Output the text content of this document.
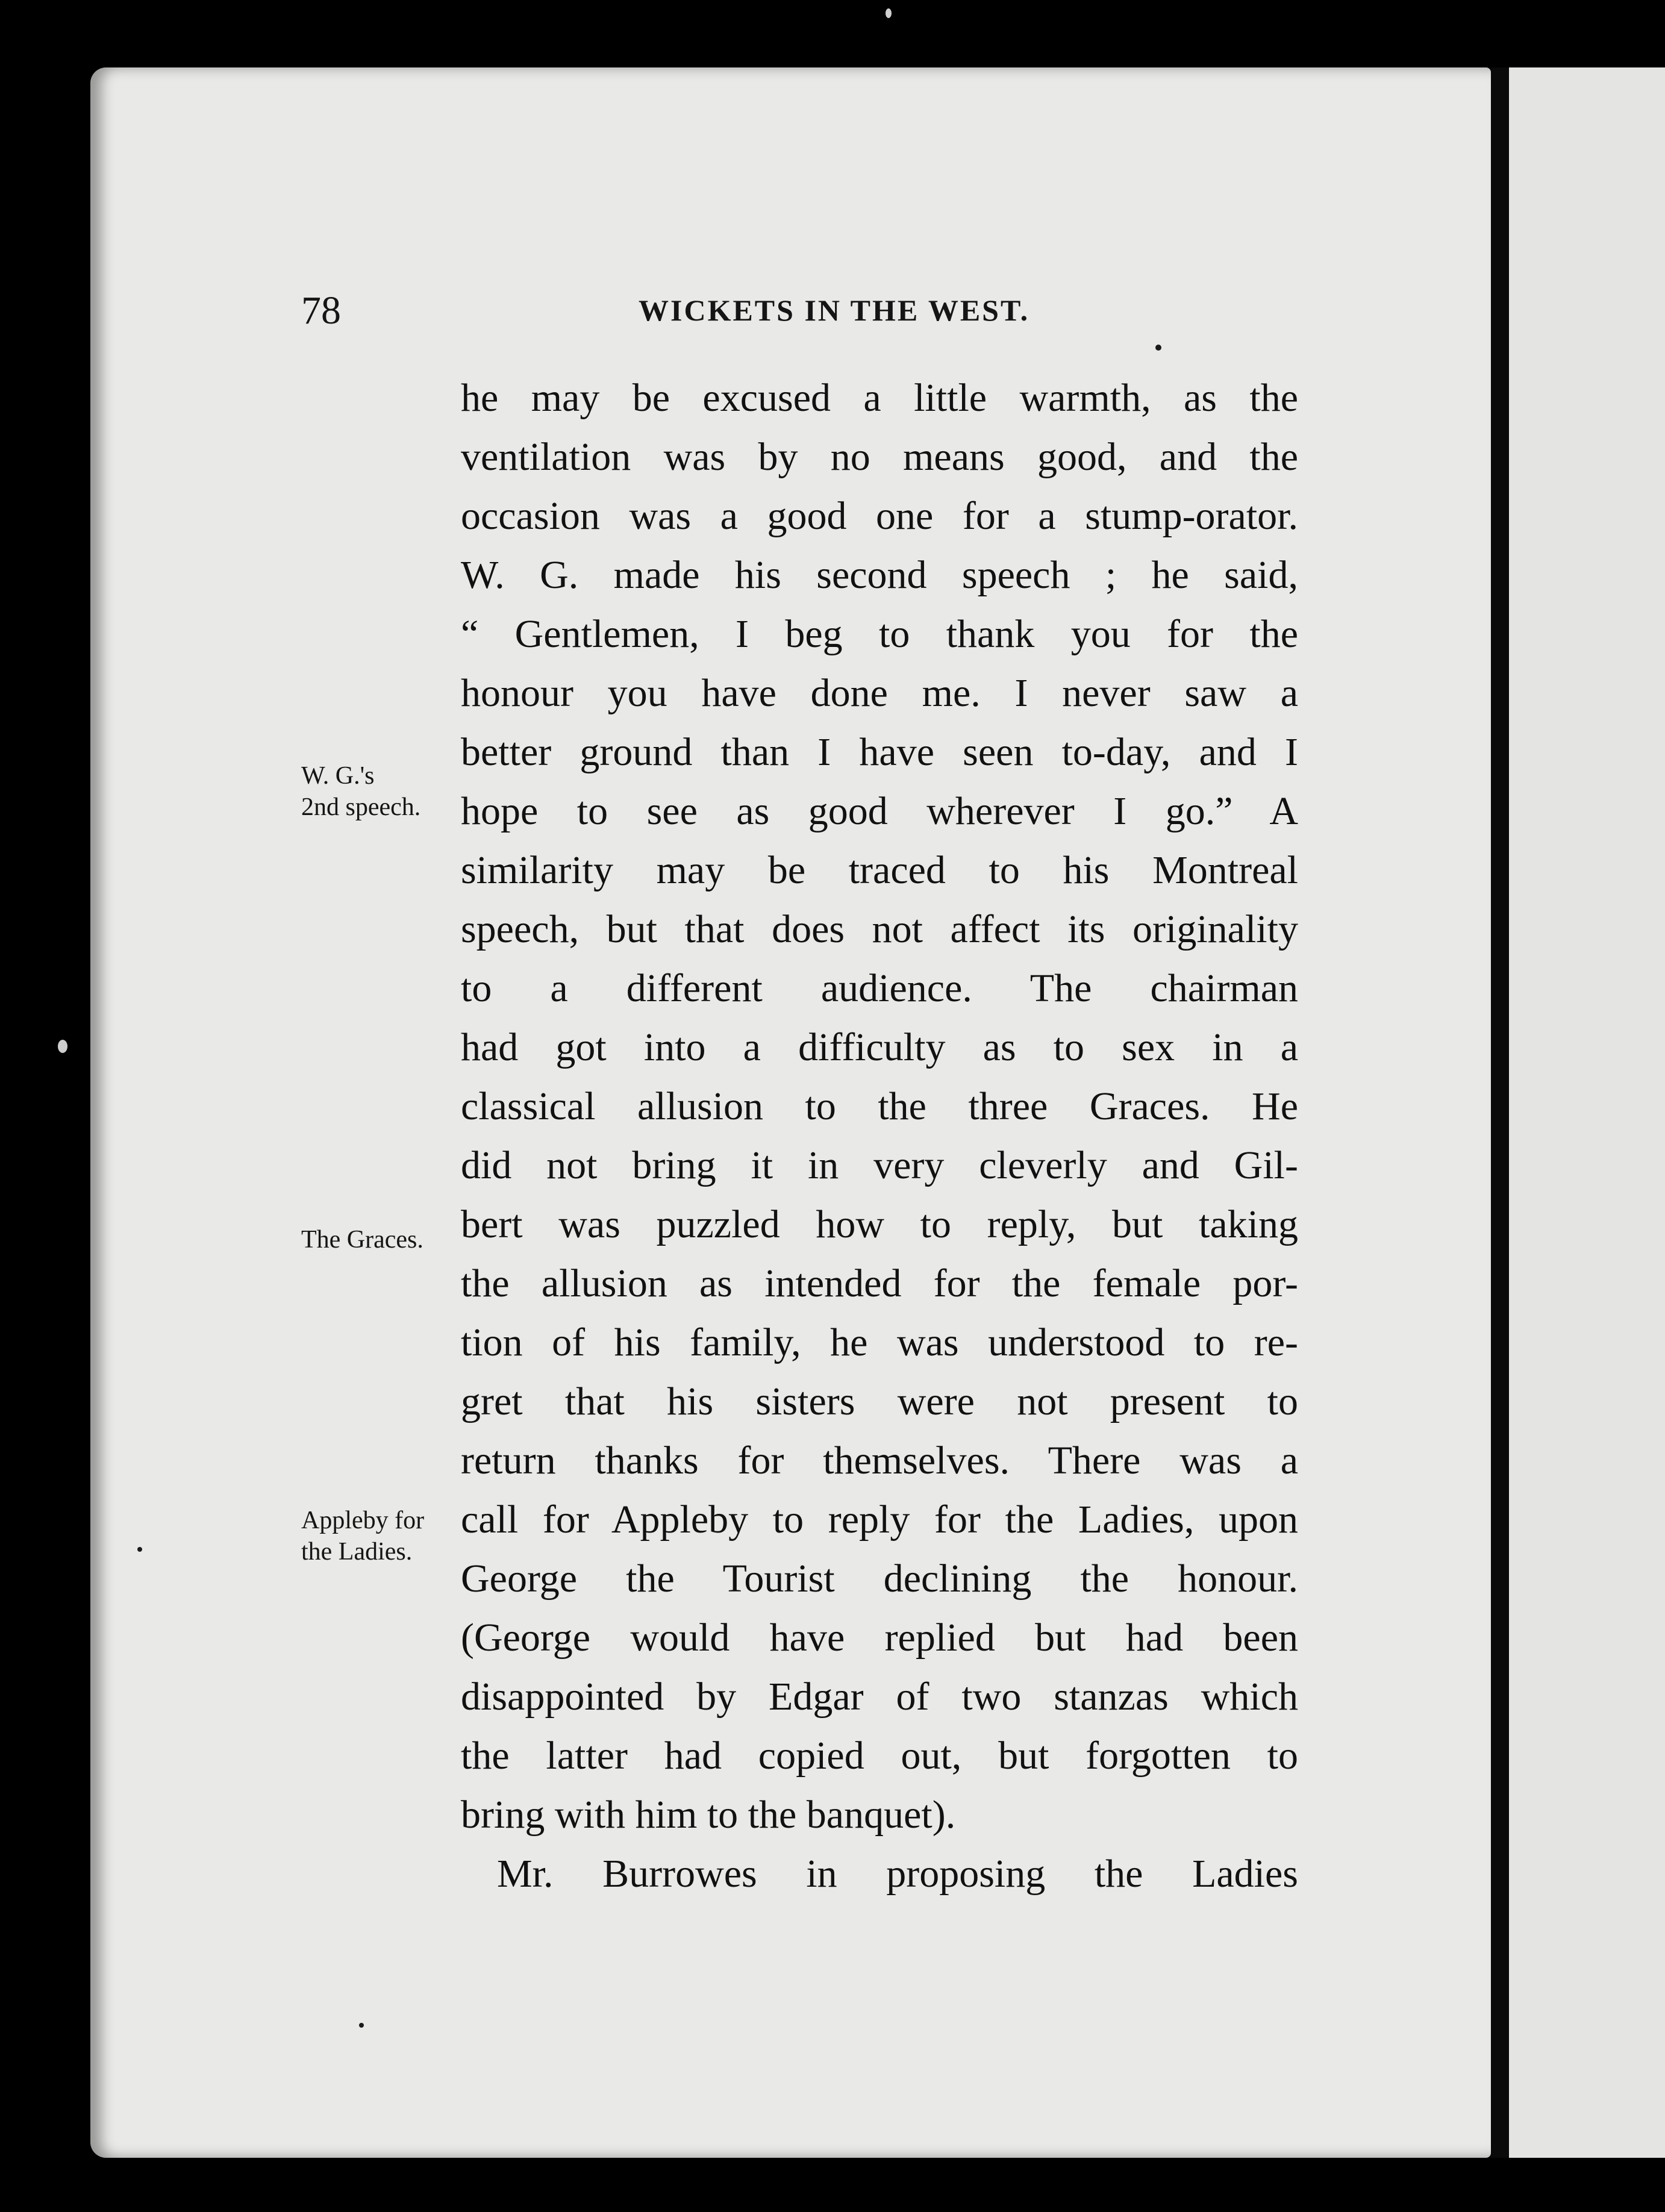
78	WICKETS IN THE WEST.
W. G.'s
2nd speech.
The Graces.
Appleby for
the Ladies.
he may be excused a little warmth, as the
ventilation was by no means good, and the
occasion was a good one for a stump-orator.
W. G. made his second speech ; he said,
“ Gentlemen, I beg to thank you for the
honour you have done me. I never saw a
better ground than I have seen to-day, and I
hope to see as good wherever I go.” A
similarity may be traced to his Montreal
speech, but that does not affect its originality
to a different audience. The chairman
had got into a difficulty as to sex in a
classical allusion to the three Graces. He
did not bring it in very cleverly and Gil-
bert was puzzled how to reply, but taking
the allusion as intended for the female por-
tion of his family, he was understood to re-
gret that his sisters were not present to
return thanks for themselves. There was a
call for Appleby to reply for the Ladies, upon
George the Tourist declining the honour.
(George would have replied but had been
disappointed by Edgar of two stanzas which
the latter had copied out, but forgotten to
bring with him to the banquet).
Mr. Burrowes in proposing the Ladies
